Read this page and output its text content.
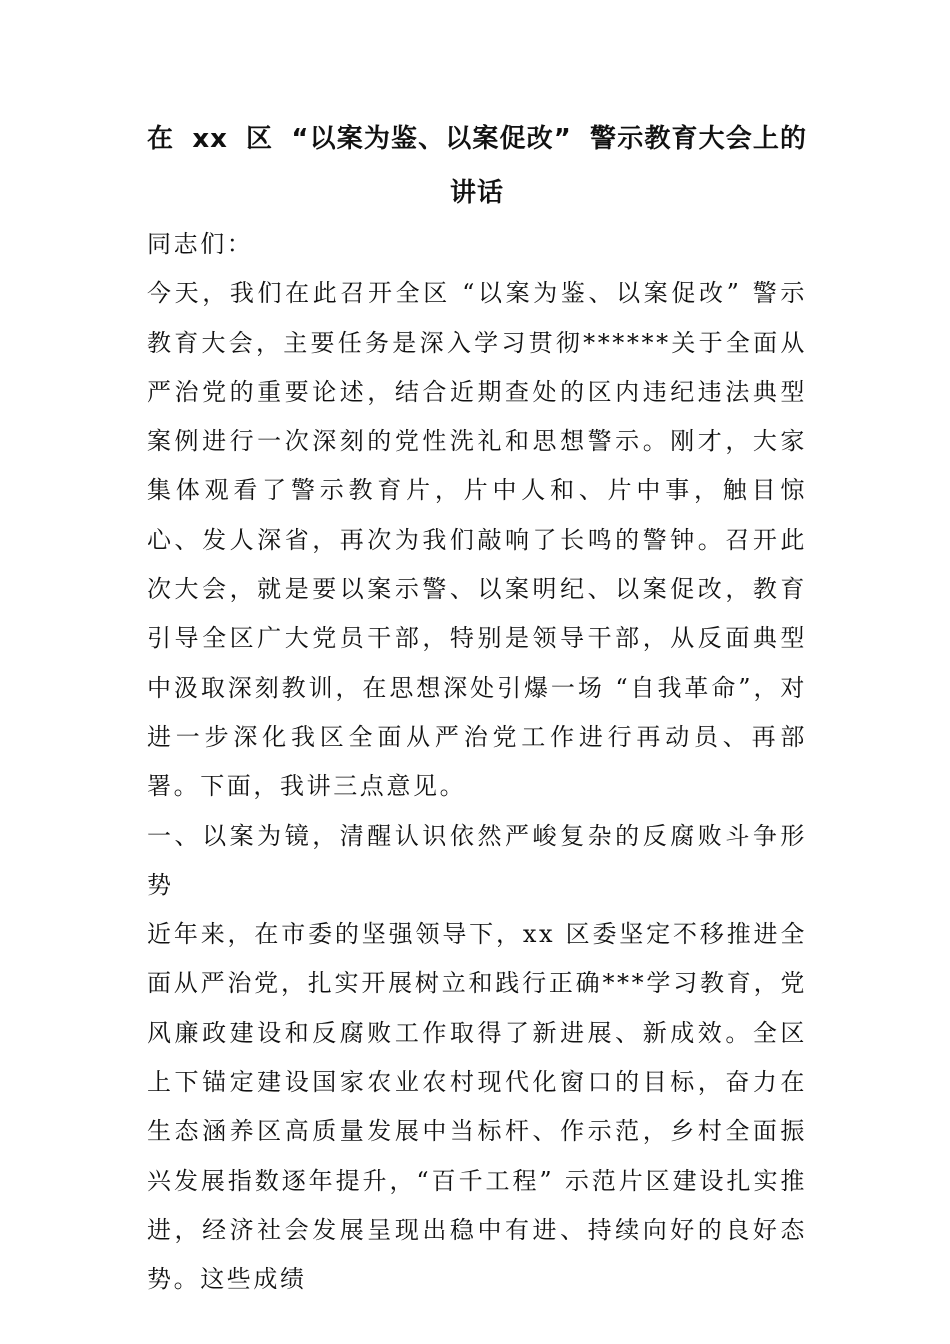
在 xx 区 “以案为鉴、以案促改” 警示教育大会上的讲话

同志们：

今天，我们在此召开全区 “以案为鉴、以案促改” 警示教育大会，主要任务是深入学习贯彻******关于全面从严治党的重要论述，结合近期查处的区内违纪违法典型案例进行一次深刻的党性洗礼和思想警示。刚才，大家集体观看了警示教育片，片中人和、片中事，触目惊心、发人深省，再次为我们敲响了长鸣的警钟。召开此次大会，就是要以案示警、以案明纪、以案促改，教育引导全区广大党员干部，特别是领导干部，从反面典型中汲取深刻教训，在思想深处引爆一场 “自我革命”，对进一步深化我区全面从严治党工作进行再动员、再部署。下面，我讲三点意见。

一、以案为镜，清醒认识依然严峻复杂的反腐败斗争形势

近年来，在市委的坚强领导下，xx 区委坚定不移推进全面从严治党，扎实开展树立和践行正确***学习教育，党风廉政建设和反腐败工作取得了新进展、新成效。全区上下锚定建设国家农业农村现代化窗口的目标，奋力在生态涵养区高质量发展中当标杆、作示范，乡村全面振兴发展指数逐年提升，“百千工程” 示范片区建设扎实推进，经济社会发展呈现出稳中有进、持续向好的良好态势。这些成绩
